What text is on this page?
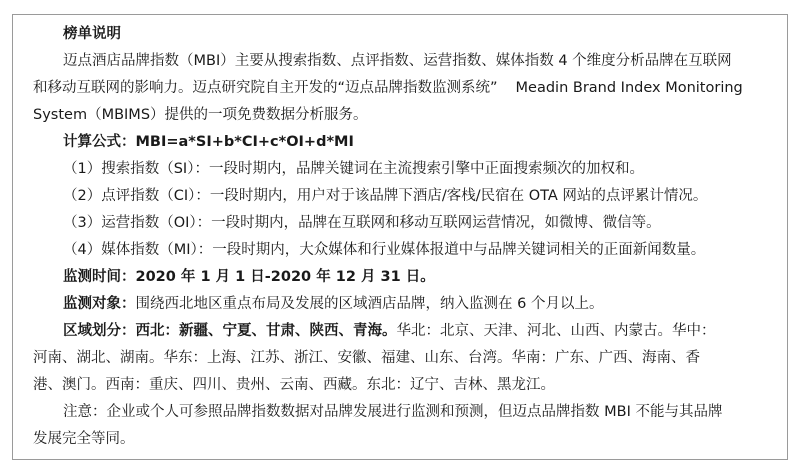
榜单说明
迈点酒店品牌指数（MBI）主要从搜索指数、点评指数、运营指数、媒体指数 4 个维度分析品牌在互联网
和移动互联网的影响力。迈点研究院自主开发的“迈点品牌指数监测系统” Meadin Brand Index Monitoring
System（MBIMS）提供的一项免费数据分析服务。
计算公式：MBI=a*SI+b*CI+c*OI+d*MI
（1）搜索指数（SI）：一段时期内，品牌关键词在主流搜索引擎中正面搜索频次的加权和。
（2）点评指数（CI）：一段时期内，用户对于该品牌下酒店/客栈/民宿在 OTA 网站的点评累计情况。
（3）运营指数（OI）：一段时期内，品牌在互联网和移动互联网运营情况，如微博、微信等。
（4）媒体指数（MI）：一段时期内，大众媒体和行业媒体报道中与品牌关键词相关的正面新闻数量。
监测时间：2020 年 1 月 1 日-2020 年 12 月 31 日。
监测对象：围绕西北地区重点布局及发展的区域酒店品牌，纳入监测在 6 个月以上。
区域划分：西北：新疆、宁夏、甘肃、陕西、青海。华北：北京、天津、河北、山西、内蒙古。华中：
河南、湖北、湖南。华东：上海、江苏、浙江、安徽、福建、山东、台湾。华南：广东、广西、海南、香
港、澳门。西南：重庆、四川、贵州、云南、西藏。东北：辽宁、吉林、黑龙江。
注意：企业或个人可参照品牌指数数据对品牌发展进行监测和预测，但迈点品牌指数 MBI 不能与其品牌
发展完全等同。
